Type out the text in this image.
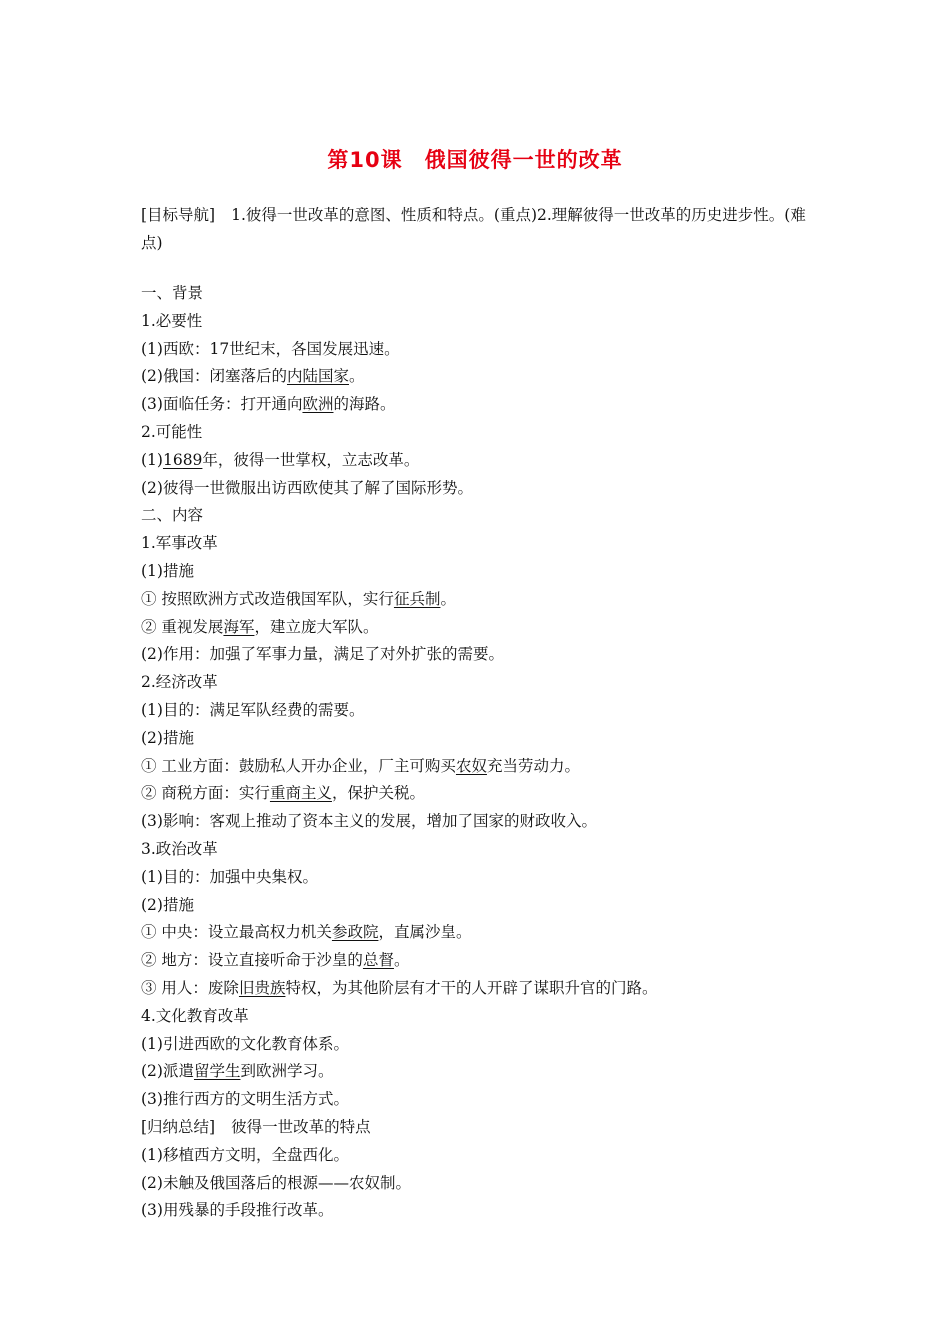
第10课 俄国彼得一世的改革
[目标导航] 1.彼得一世改革的意图、性质和特点。(重点)2.理解彼得一世改革的历史进步性。(难点)
一、背景
1.必要性
(1)西欧：17世纪末，各国发展迅速。
(2)俄国：闭塞落后的内陆国家。
(3)面临任务：打开通向欧洲的海路。
2.可能性
(1)1689年，彼得一世掌权，立志改革。
(2)彼得一世微服出访西欧使其了解了国际形势。
二、内容
1.军事改革
(1)措施
① 按照欧洲方式改造俄国军队，实行征兵制。
② 重视发展海军，建立庞大军队。
(2)作用：加强了军事力量，满足了对外扩张的需要。
2.经济改革
(1)目的：满足军队经费的需要。
(2)措施
① 工业方面：鼓励私人开办企业，厂主可购买农奴充当劳动力。
② 商税方面：实行重商主义，保护关税。
(3)影响：客观上推动了资本主义的发展，增加了国家的财政收入。
3.政治改革
(1)目的：加强中央集权。
(2)措施
① 中央：设立最高权力机关参政院，直属沙皇。
② 地方：设立直接听命于沙皇的总督。
③ 用人：废除旧贵族特权，为其他阶层有才干的人开辟了谋职升官的门路。
4.文化教育改革
(1)引进西欧的文化教育体系。
(2)派遣留学生到欧洲学习。
(3)推行西方的文明生活方式。
[归纳总结] 彼得一世改革的特点
(1)移植西方文明，全盘西化。
(2)未触及俄国落后的根源——农奴制。
(3)用残暴的手段推行改革。
